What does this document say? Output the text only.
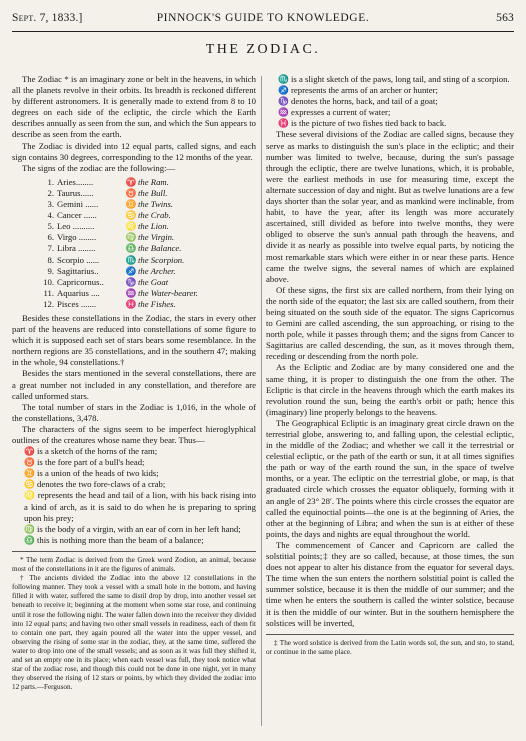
Sept. 7, 1833.]	PINNOCK'S GUIDE TO KNOWLEDGE.	563
THE ZODIAC.

The Zodiac * is an imaginary zone or belt in the heavens, in which all the planets revolve in their orbits. Its breadth is reckoned different by different astronomers. It is generally made to extend from 8 to 10 degrees on each side of the ecliptic, the circle which the Earth describes annually as seen from the sun, and which the Sun appears to describe as seen from the earth.

The Zodiac is divided into 12 equal parts, called signs, and each sign contains 30 degrees, corresponding to the 12 months of the year.

The signs of the zodiac are the following:—

1. Aries........	♈ the Ram.
2. Taurus......	♉ the Bull.
3. Gemini ......	♊ the Twins.
4. Cancer ......	♋ the Crab.
5. Leo ..........	♌ the Lion.
6. Virgo ........	♍ the Virgin.
7. Libra ........	♎ the Balance.
8. Scorpio ......	♏ the Scorpion.
9. Sagittarius..	♐ the Archer.
10. Capricornus..	♑ the Goat
11. Aquarius ....	♒ the Water-bearer.
12. Pisces .......	♓ the Fishes.

Besides these constellations in the Zodiac, the stars in every other part of the heavens are reduced into constellations of some figure to which it is supposed each set of stars bears some resemblance. In the northern regions are 35 constellations, and in the southern 47; making in the whole, 94 constellations.†

Besides the stars mentioned in the several constellations, there are a great number not included in any constellation, and therefore are called unformed stars.

The total number of stars in the Zodiac is 1,016, in the whole of the constellations, 3,478.

The characters of the signs seem to be imperfect hieroglyphical outlines of the creatures whose name they bear. Thus—

♈ is a sketch of the horns of the ram;

♉ is the fore part of a bull's head;

♊ is a union of the heads of two kids;

♋ denotes the two fore-claws of a crab;

♌ represents the head and tail of a lion, with his back rising into a kind of arch, as it is said to do when he is preparing to spring upon his prey;

♍ is the body of a virgin, with an ear of corn in her left hand;

♎ this is nothing more than the beam of a balance;

* The term Zodiac is derived from the Greek word Zodion, an animal, because most of the constellations in it are the figures of animals.

† The ancients divided the Zodiac into the above 12 constellations in the following manner. They took a vessel with a small hole in the bottom, and having filled it with water, suffered the same to distil drop by drop, into another vessel set beneath to receive it; beginning at the moment when some star rose, and continuing until it rose the following night. The water fallen down into the receiver they divided into 12 equal parts; and having two other small vessels in readiness, each of them fit to contain one part, they again poured all the water into the upper vessel, and observing the rising of some star in the zodiac, they, at the same time, suffered the water to drop into one of the small vessels; and as soon as it was full they shifted it, and set an empty one in its place; when each vessel was full, they took notice what star of the zodiac rose, and though this could not be done in one night, yet in many they observed the rising of 12 stars or points, by which they divided the zodiac into 12 parts.—Ferguson.

♏ is a slight sketch of the paws, long tail, and sting of a scorpion.

♐ represents the arms of an archer or hunter;

♑ denotes the horns, back, and tail of a goat;

♒ expresses a current of water;

♓ is the picture of two fishes tied back to back.

These several divisions of the Zodiac are called signs, because they serve as marks to distinguish the sun's place in the ecliptic; and their number was limited to twelve, because, during the sun's passage through the ecliptic, there are twelve lunations, which, it is probable, were the earliest methods in use for measuring time, except the alternate succession of day and night. But as twelve lunations are a few days shorter than the solar year, and as mankind were inclinable, from habit, to have the year, after its length was more accurately ascertained, still divided as before into twelve months, they were obliged to observe the sun's annual path through the heavens, and divide it as nearly as possible into twelve equal parts, by noticing the most remarkable stars which were either in or near these parts. Hence came the twelve signs, the several names of which are explained above.

Of these signs, the first six are called northern, from their lying on the north side of the equator; the last six are called southern, from their being situated on the south side of the equator. The signs Capricornus to Gemini are called ascending, the sun approaching, or rising to the north pole, while it passes through them; and the signs from Cancer to Sagittarius are called descending, the sun, as it moves through them, receding or descending from the north pole.

As the Ecliptic and Zodiac are by many considered one and the same thing, it is proper to distinguish the one from the other. The Ecliptic is that circle in the heavens through which the earth makes its revolution round the sun, being the earth's orbit or path; hence this (imaginary) line properly belongs to the heavens.

The Geographical Ecliptic is an imaginary great circle drawn on the terrestrial globe, answering to, and falling upon, the celestial ecliptic, in the middle of the Zodiac; and whether we call it the terrestrial or celestial ecliptic, or the path of the earth or sun, it at all times signifies the path or way of the earth round the sun, in the space of twelve months, or a year. The ecliptic on the terrestrial globe, or map, is that graduated circle which crosses the equator obliquely, forming with it an angle of 23° 28′. The points where this circle crosses the equator are called the equinoctial points—the one is at the beginning of Aries, the other at the beginning of Libra; and when the sun is at either of these points, the days and nights are equal throughout the world.

The commencement of Cancer and Capricorn are called the solstitial points;‡ they are so called, because, at those times, the sun does not appear to alter his distance from the equator for several days. The time when the sun enters the northern solstitial point is called the summer solstice, because it is then the middle of our summer; and the time when he enters the southern is called the winter solstice, because it is then the middle of our winter. But in the southern hemisphere the solstices will be inverted,

‡ The word solstice is derived from the Latin words sol, the sun, and sto, to stand, or continue in the same place.
